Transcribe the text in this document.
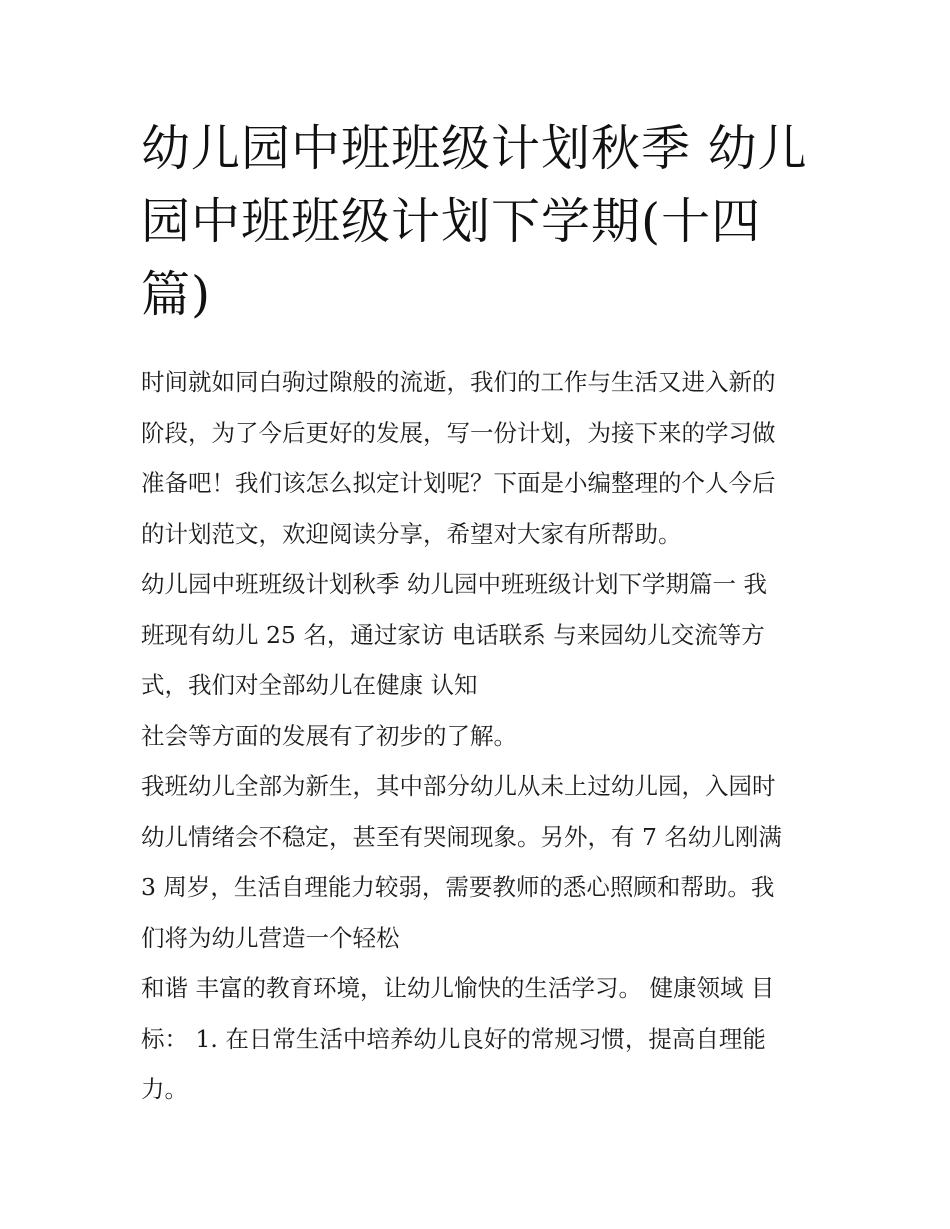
幼儿园中班班级计划秋季 幼儿
园中班班级计划下学期(十四
篇)
时间就如同白驹过隙般的流逝，我们的工作与生活又进入新的
阶段，为了今后更好的发展，写一份计划，为接下来的学习做
准备吧！我们该怎么拟定计划呢？下面是小编整理的个人今后
的计划范文，欢迎阅读分享，希望对大家有所帮助。
幼儿园中班班级计划秋季 幼儿园中班班级计划下学期篇一 我
班现有幼儿 25 名，通过家访 电话联系 与来园幼儿交流等方
式，我们对全部幼儿在健康 认知
社会等方面的发展有了初步的了解。
我班幼儿全部为新生，其中部分幼儿从未上过幼儿园，入园时
幼儿情绪会不稳定，甚至有哭闹现象。另外，有 7 名幼儿刚满
3 周岁，生活自理能力较弱，需要教师的悉心照顾和帮助。我
们将为幼儿营造一个轻松
和谐 丰富的教育环境，让幼儿愉快的生活学习。 健康领域 目
标： 1. 在日常生活中培养幼儿良好的常规习惯，提高自理能
力。
